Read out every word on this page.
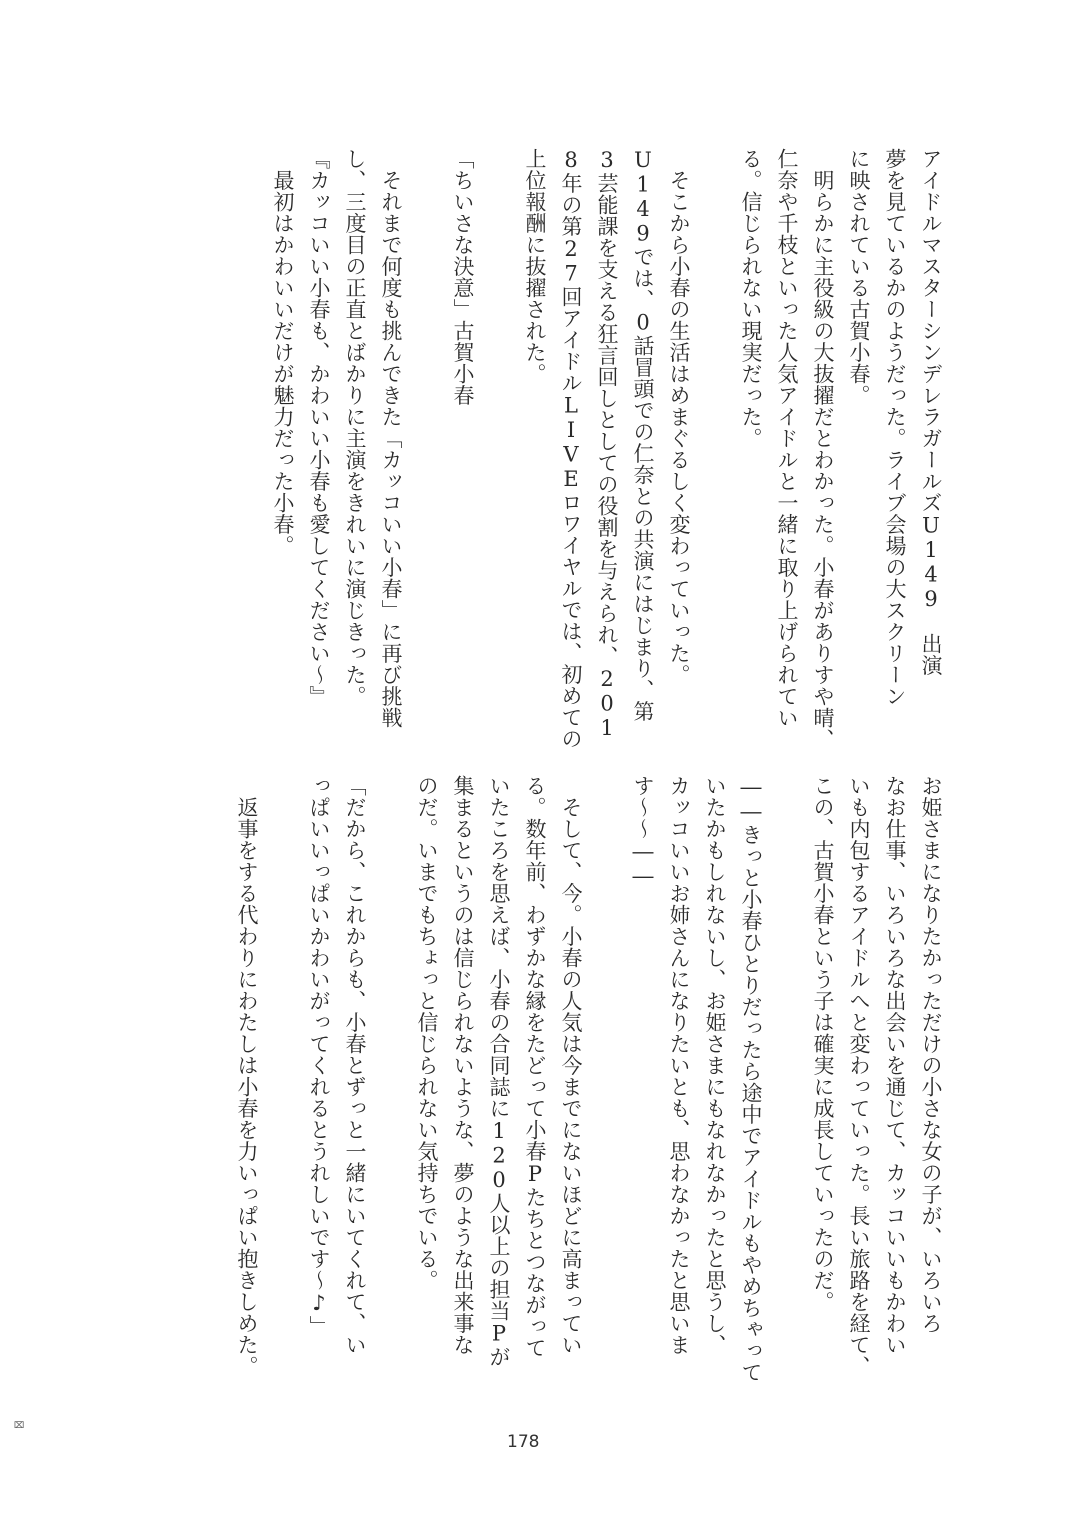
アイドルマスターシンデレラガールズU149　出演
夢を見ているかのようだった。ライブ会場の大スクリーン
に映されている古賀小春。
　明らかに主役級の大抜擢だとわかった。小春がありすや晴、
仁奈や千枝といった人気アイドルと一緒に取り上げられてい
る。信じられない現実だった。
　そこから小春の生活はめまぐるしく変わっていった。
U149では、0話冒頭での仁奈との共演にはじまり、第
3芸能課を支える狂言回しとしての役割を与えられ、201
8年の第27回アイドルLIVEロワイヤルでは、初めての
上位報酬に抜擢された。
「ちいさな決意」古賀小春
　それまで何度も挑んできた「カッコいい小春」に再び挑戦
し、三度目の正直とばかりに主演をきれいに演じきった。
『カッコいい小春も、かわいい小春も愛してください〜』
　最初はかわいいだけが魅力だった小春。
お姫さまになりたかっただけの小さな女の子が、いろいろ
なお仕事、いろいろな出会いを通じて、カッコいいもかわい
いも内包するアイドルへと変わっていった。長い旅路を経て、
この、古賀小春という子は確実に成長していったのだ。
――きっと小春ひとりだったら途中でアイドルもやめちゃって
いたかもしれないし、お姫さまにもなれなかったと思うし、
カッコいいお姉さんになりたいとも、思わなかったと思いま
す〜〜――
　そして、今。小春の人気は今までにないほどに高まってい
る。数年前、わずかな縁をたどって小春Pたちとつながって
いたころを思えば、小春の合同誌に120人以上の担当Pが
集まるというのは信じられないような、夢のような出来事な
のだ。いまでもちょっと信じられない気持ちでいる。
「だから、これからも、小春とずっと一緒にいてくれて、い
っぱいいっぱいかわいがってくれるとうれしいです〜♪」
　返事をする代わりにわたしは小春を力いっぱい抱きしめた。
178
⌧
